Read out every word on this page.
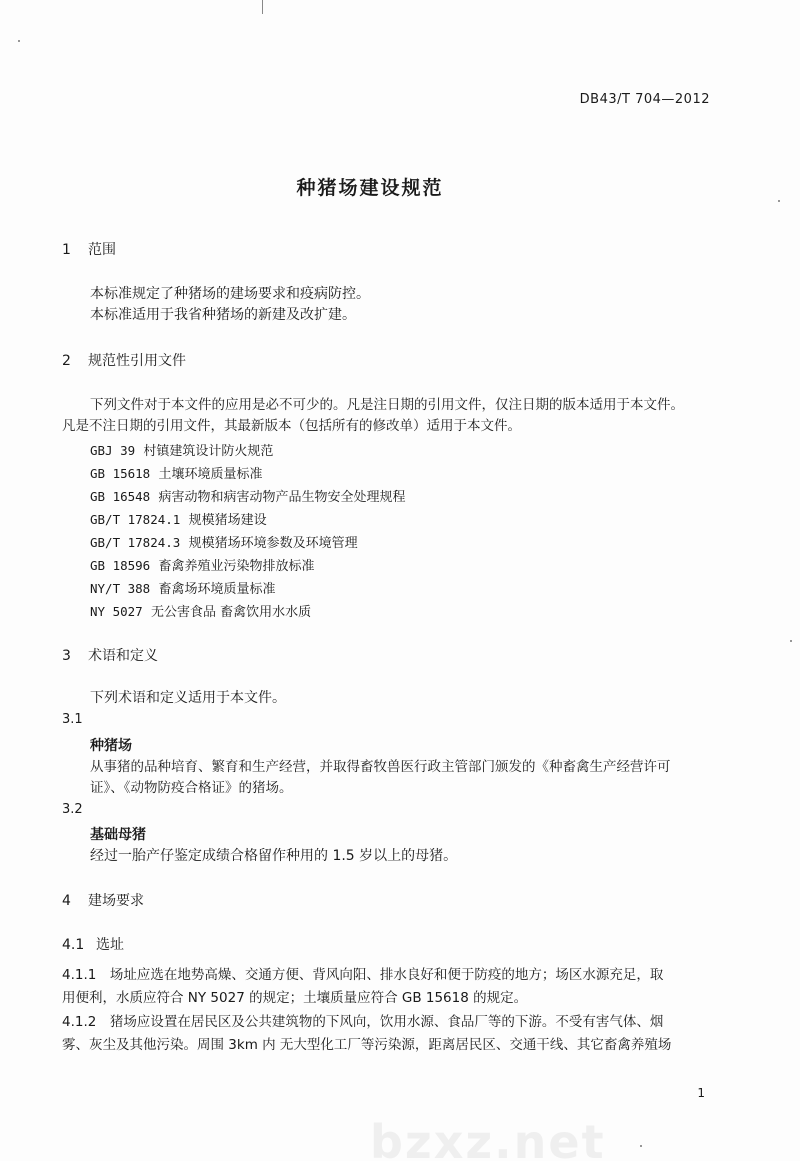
DB43/T 704—2012
种猪场建设规范
1 范围
本标准规定了种猪场的建场要求和疫病防控。
本标准适用于我省种猪场的新建及改扩建。
2 规范性引用文件
下列文件对于本文件的应用是必不可少的。凡是注日期的引用文件，仅注日期的版本适用于本文件。
凡是不注日期的引用文件，其最新版本（包括所有的修改单）适用于本文件。
GBJ 39 村镇建筑设计防火规范
GB 15618 土壤环境质量标准
GB 16548 病害动物和病害动物产品生物安全处理规程
GB/T 17824.1 规模猪场建设
GB/T 17824.3 规模猪场环境参数及环境管理
GB 18596 畜禽养殖业污染物排放标准
NY/T 388 畜禽场环境质量标准
NY 5027 无公害食品 畜禽饮用水水质
3 术语和定义
下列术语和定义适用于本文件。
3.1
种猪场
从事猪的品种培育、繁育和生产经营，并取得畜牧兽医行政主管部门颁发的《种畜禽生产经营许可
证》、《动物防疫合格证》的猪场。
3.2
基础母猪
经过一胎产仔鉴定成绩合格留作种用的 1.5 岁以上的母猪。
4 建场要求
4.1 选址
4.1.1　场址应选在地势高燥、交通方便、背风向阳、排水良好和便于防疫的地方；场区水源充足，取
用便利，水质应符合 NY 5027 的规定；土壤质量应符合 GB 15618 的规定。
4.1.2　猪场应设置在居民区及公共建筑物的下风向，饮用水源、食品厂等的下游。不受有害气体、烟
雾、灰尘及其他污染。周围 3km 内 无大型化工厂等污染源，距离居民区、交通干线、其它畜禽养殖场
1
bzxz.net
